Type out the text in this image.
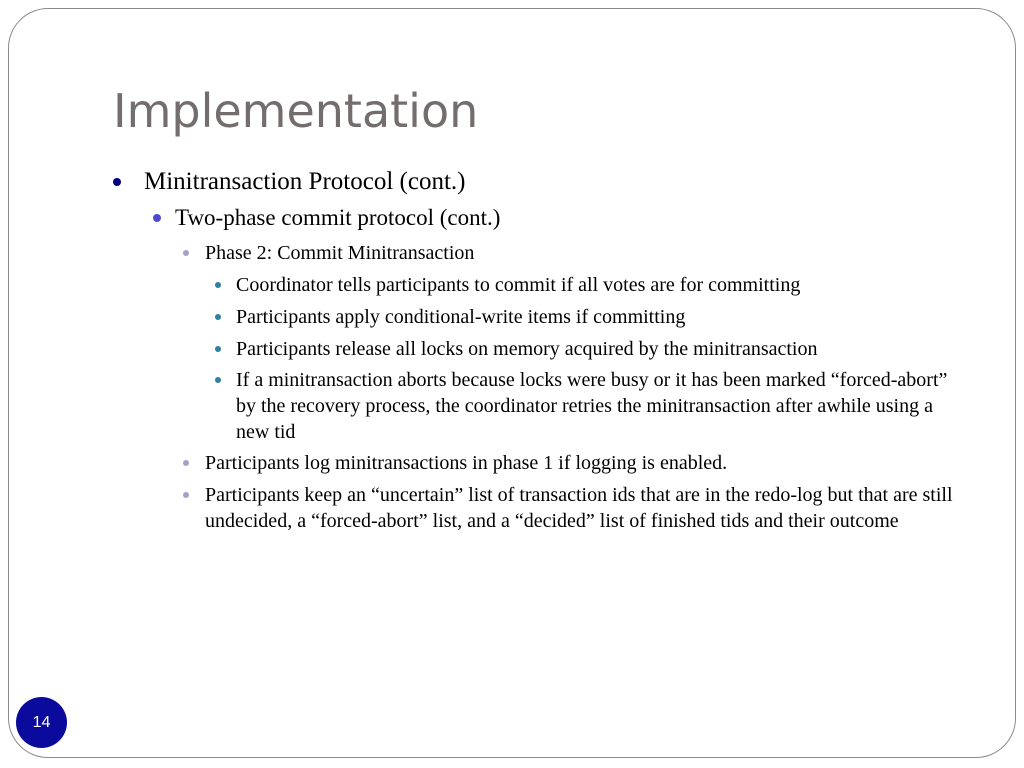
Implementation
Minitransaction Protocol (cont.)
Two-phase commit protocol (cont.)
Phase 2: Commit Minitransaction
Coordinator tells participants to commit if all votes are for committing
Participants apply conditional-write items if committing
Participants release all locks on memory acquired by the minitransaction
If a minitransaction aborts because locks were busy or it has been marked “forced-abort” by the recovery process, the coordinator retries the minitransaction after awhile using a new tid
Participants log minitransactions in phase 1 if logging is enabled.
Participants keep an “uncertain” list of transaction ids that are in the redo-log but that are still undecided, a “forced-abort” list, and a “decided” list of finished tids and their outcome
14
